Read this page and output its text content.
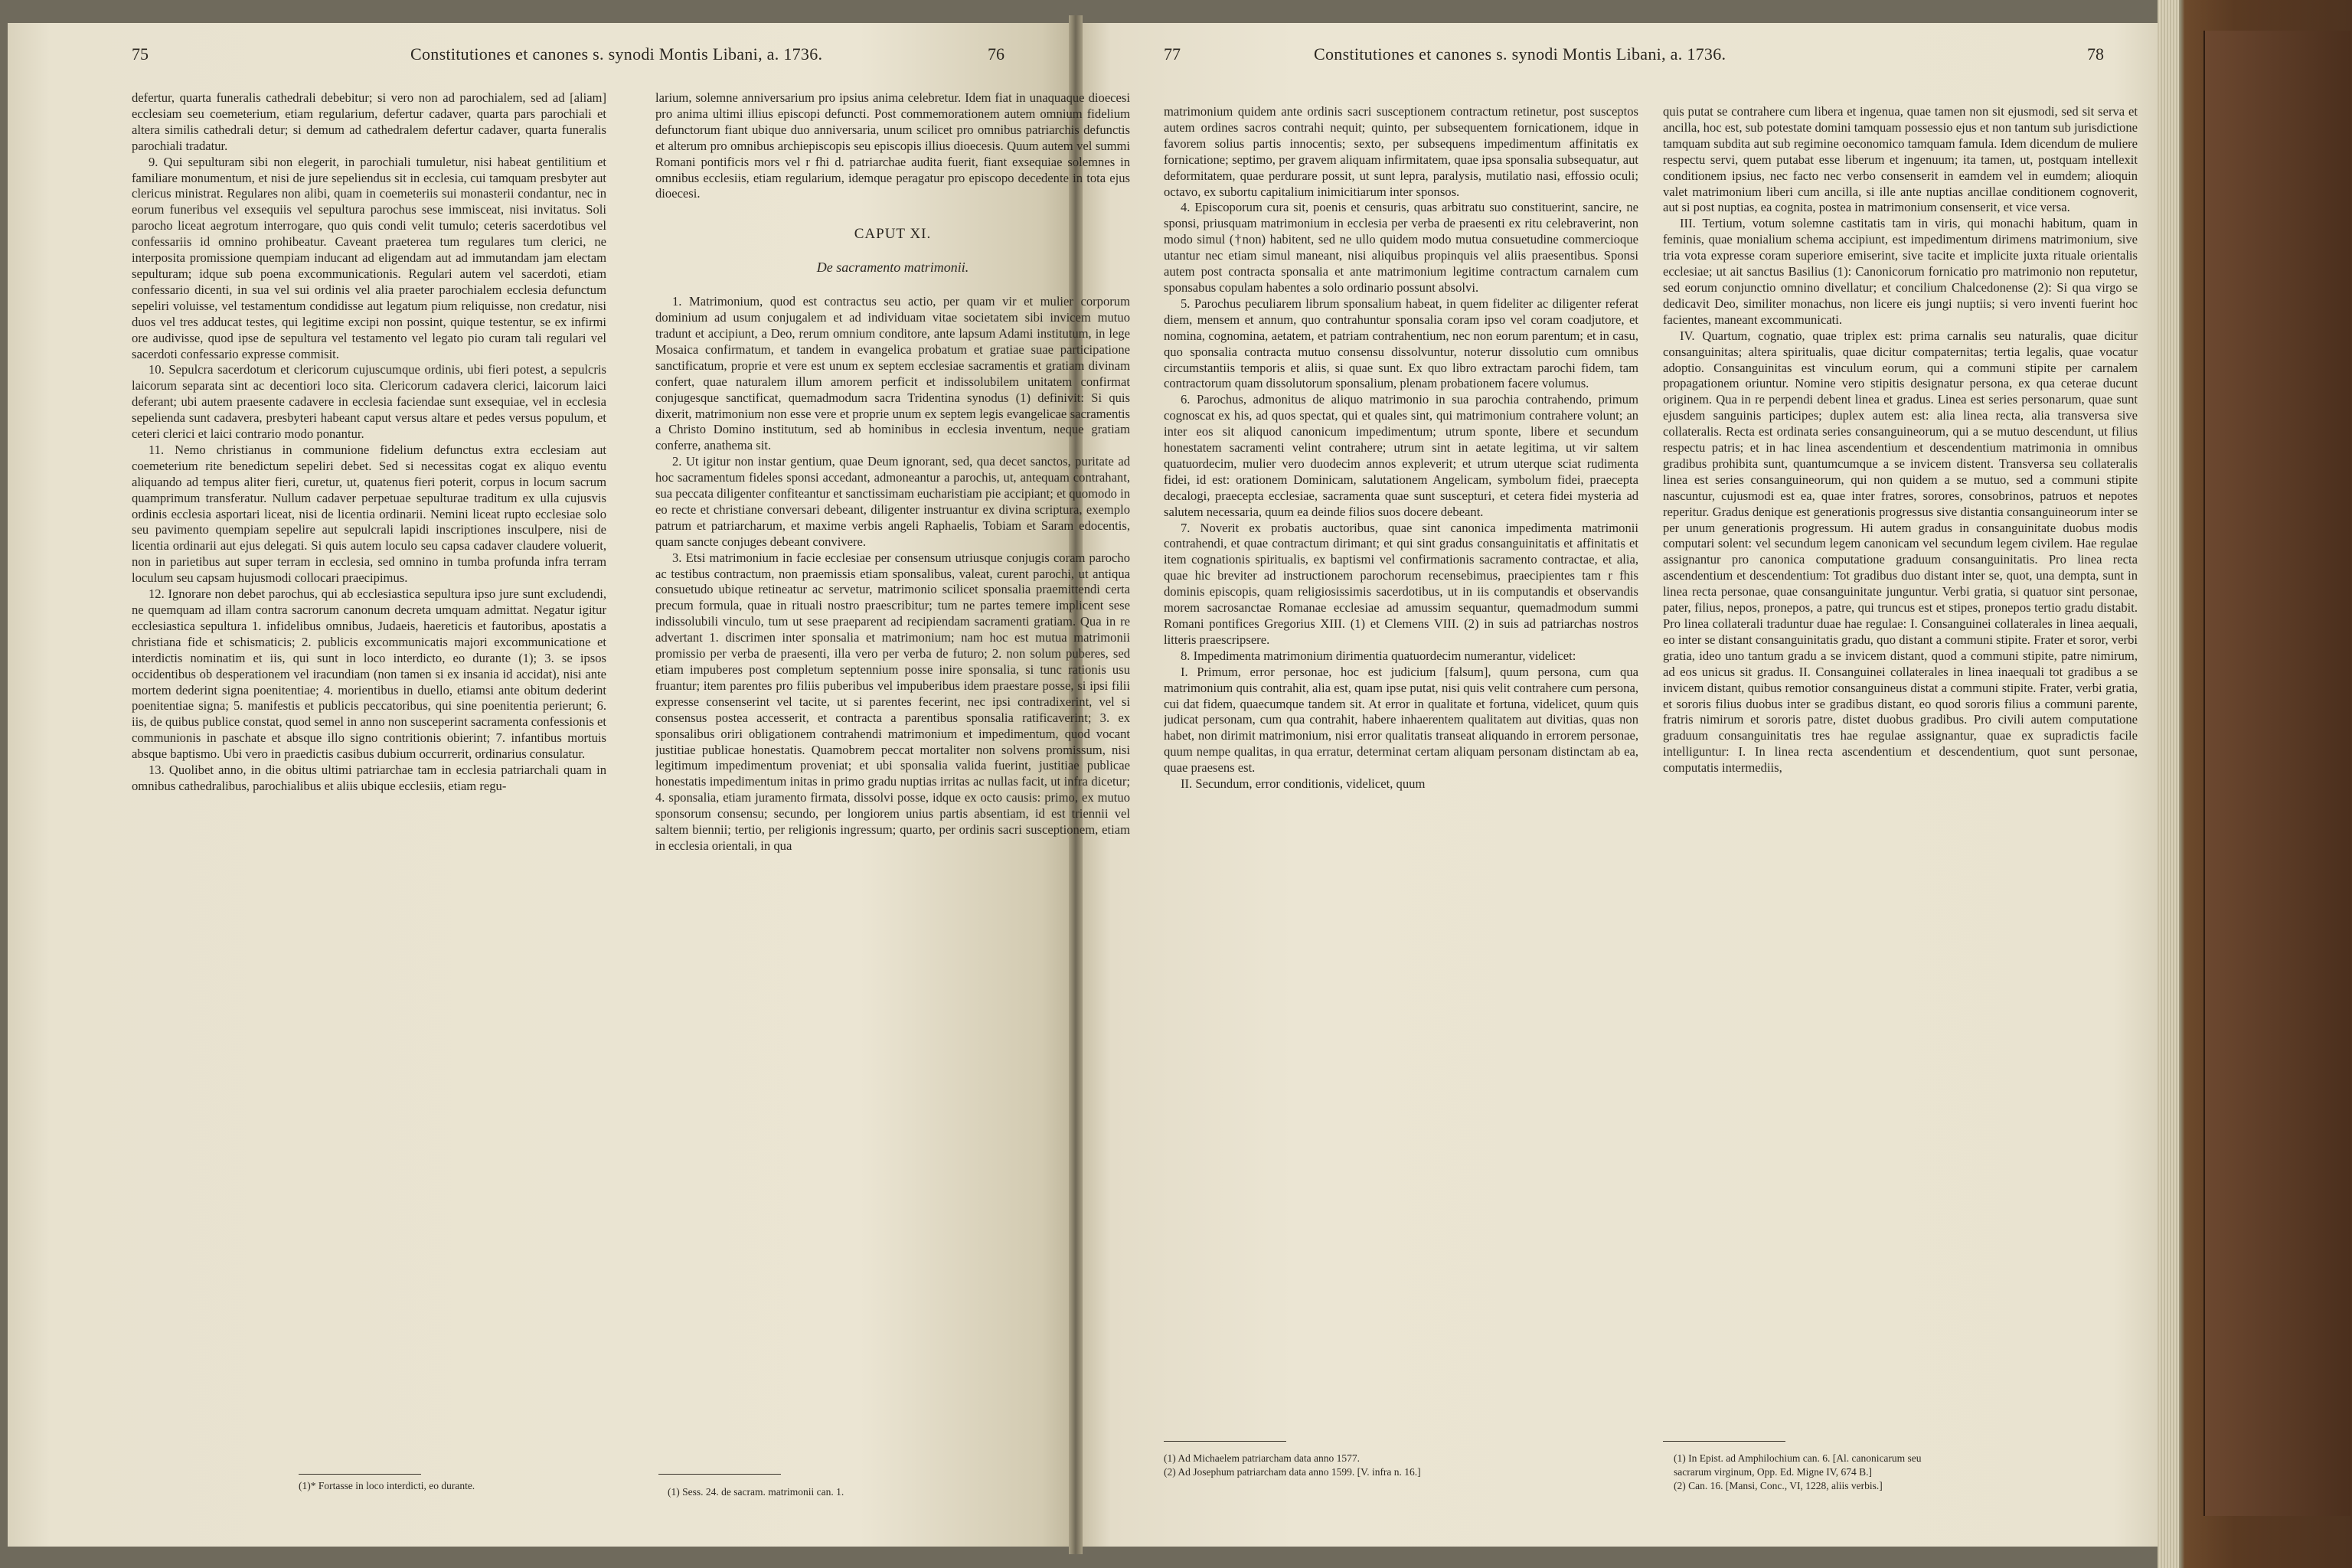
75	Constitutiones et canones s. synodi Montis Libani, a. 1736.	76

defertur, quarta funeralis cathedrali debebitur; si vero non ad parochialem, sed ad [aliam] ecclesiam seu coemeterium, etiam regularium, defertur cadaver, quarta pars parochiali et altera similis cathedrali detur; si demum ad cathedralem defertur cadaver, quarta funeralis parochiali tradatur.

9. Qui sepulturam sibi non elegerit, in parochiali tumuletur, nisi habeat gentilitium et familiare monumentum, et nisi de jure sepeliendus sit in ecclesia, cui tamquam presbyter aut clericus ministrat. Regulares non alibi, quam in coemeteriis sui monasterii condantur, nec in eorum funeribus vel exsequiis vel sepultura parochus sese immisceat, nisi invitatus. Soli parocho liceat aegrotum interrogare, quo quis condi velit tumulo; ceteris sacerdotibus vel confessariis id omnino prohibeatur. Caveant praeterea tum regulares tum clerici, ne interposita promissione quempiam inducant ad eligendam aut ad immutandam jam electam sepulturam; idque sub poena excommunicationis. Regulari autem vel sacerdoti, etiam confessario dicenti, in sua vel sui ordinis vel alia praeter parochialem ecclesia defunctum sepeliri voluisse, vel testamentum condidisse aut legatum pium reliquisse, non credatur, nisi duos vel tres adducat testes, qui legitime excipi non possint, quique testentur, se ex infirmi ore audivisse, quod ipse de sepultura vel testamento vel legato pio curam tali regulari vel sacerdoti confessario expresse commisit.

10. Sepulcra sacerdotum et clericorum cujuscumque ordinis, ubi fieri potest, a sepulcris laicorum separata sint ac decentiori loco sita. Clericorum cadavera clerici, laicorum laici deferant; ubi autem praesente cadavere in ecclesia faciendae sunt exsequiae, vel in ecclesia sepelienda sunt cadavera, presbyteri habeant caput versus altare et pedes versus populum, et ceteri clerici et laici contrario modo ponantur.

11. Nemo christianus in communione fidelium defunctus extra ecclesiam aut coemeterium rite benedictum sepeliri debet. Sed si necessitas cogat ex aliquo eventu aliquando ad tempus aliter fieri, curetur, ut, quatenus fieri poterit, corpus in locum sacrum quamprimum transferatur. Nullum cadaver perpetuae sepulturae traditum ex ulla cujusvis ordinis ecclesia asportari liceat, nisi de licentia ordinarii. Nemini liceat rupto ecclesiae solo seu pavimento quempiam sepelire aut sepulcrali lapidi inscriptiones insculpere, nisi de licentia ordinarii aut ejus delegati. Si quis autem loculo seu capsa cadaver claudere voluerit, non in parietibus aut super terram in ecclesia, sed omnino in tumba profunda infra terram loculum seu capsam hujusmodi collocari praecipimus.

12. Ignorare non debet parochus, qui ab ecclesiastica sepultura ipso jure sunt excludendi, ne quemquam ad illam contra sacrorum canonum decreta umquam admittat. Negatur igitur ecclesiastica sepultura 1. infidelibus omnibus, Judaeis, haereticis et fautoribus, apostatis a christiana fide et schismaticis; 2. publicis excommunicatis majori excommunicatione et interdictis nominatim et iis, qui sunt in loco interdicto, eo durante (1); 3. se ipsos occidentibus ob desperationem vel iracundiam (non tamen si ex insania id accidat), nisi ante mortem dederint signa poenitentiae; 4. morientibus in duello, etiamsi ante obitum dederint poenitentiae signa; 5. manifestis et publicis peccatoribus, qui sine poenitentia perierunt; 6. iis, de quibus publice constat, quod semel in anno non susceperint sacramenta confessionis et communionis in paschate et absque illo signo contritionis obierint; 7. infantibus mortuis absque baptismo. Ubi vero in praedictis casibus dubium occurrerit, ordinarius consulatur.

13. Quolibet anno, in die obitus ultimi patriarchae tam in ecclesia patriarchali quam in omnibus cathedralibus, parochialibus et aliis ubique ecclesiis, etiam regu-

larium, solemne anniversarium pro ipsius anima celebretur. Idem fiat in unaquaque dioecesi pro anima ultimi illius episcopi defuncti. Post commemorationem autem omnium fidelium defunctorum fiant ubique duo anniversaria, unum scilicet pro omnibus patriarchis defunctis et alterum pro omnibus archiepiscopis seu episcopis illius dioecesis. Quum autem vel summi Romani pontificis mors vel r fhi d. patriarchae audita fuerit, fiant exsequiae solemnes in omnibus ecclesiis, etiam regularium, idemque peragatur pro episcopo decedente in tota ejus dioecesi.

CAPUT XI.

De sacramento matrimonii.

1. Matrimonium, quod est contractus seu actio, per quam vir et mulier corporum dominium ad usum conjugalem et ad individuam vitae societatem sibi invicem mutuo tradunt et accipiunt, a Deo, rerum omnium conditore, ante lapsum Adami institutum, in lege Mosaica confirmatum, et tandem in evangelica probatum et gratiae suae participatione sanctificatum, proprie et vere est unum ex septem ecclesiae sacramentis et gratiam divinam confert, quae naturalem illum amorem perficit et indissolubilem unitatem confirmat conjugesque sanctificat, quemadmodum sacra Tridentina synodus (1) definivit: Si quis dixerit, matrimonium non esse vere et proprie unum ex septem legis evangelicae sacramentis a Christo Domino institutum, sed ab hominibus in ecclesia inventum, neque gratiam conferre, anathema sit.

2. Ut igitur non instar gentium, quae Deum ignorant, sed, qua decet sanctos, puritate ad hoc sacramentum fideles sponsi accedant, admoneantur a parochis, ut, antequam contrahant, sua peccata diligenter confiteantur et sanctissimam eucharistiam pie accipiant; et quomodo in eo recte et christiane conversari debeant, diligenter instruantur ex divina scriptura, exemplo patrum et patriarcharum, et maxime verbis angeli Raphaelis, Tobiam et Saram edocentis, quam sancte conjuges debeant convivere.

3. Etsi matrimonium in facie ecclesiae per consensum utriusque conjugis coram parocho ac testibus contractum, non praemissis etiam sponsalibus, valeat, curent parochi, ut antiqua consuetudo ubique retineatur ac servetur, matrimonio scilicet sponsalia praemittendi certa precum formula, quae in rituali nostro praescribitur; tum ne partes temere implicent sese indissolubili vinculo, tum ut sese praeparent ad recipiendam sacramenti gratiam. Qua in re advertant 1. discrimen inter sponsalia et matrimonium; nam hoc est mutua matrimonii promissio per verba de praesenti, illa vero per verba de futuro; 2. non solum puberes, sed etiam impuberes post completum septennium posse inire sponsalia, si tunc rationis usu fruantur; item parentes pro filiis puberibus vel impuberibus idem praestare posse, si ipsi filii expresse consenserint vel tacite, ut si parentes fecerint, nec ipsi contradixerint, vel si consensus postea accesserit, et contracta a parentibus sponsalia ratificaverint; 3. ex sponsalibus oriri obligationem contrahendi matrimonium et impedimentum, quod vocant justitiae publicae honestatis. Quamobrem peccat mortaliter non solvens promissum, nisi legitimum impedimentum proveniat; et ubi sponsalia valida fuerint, justitiae publicae honestatis impedimentum initas in primo gradu nuptias irritas ac nullas facit, ut infra dicetur; 4. sponsalia, etiam juramento firmata, dissolvi posse, idque ex octo causis: primo, ex mutuo sponsorum consensu; secundo, per longiorem unius partis absentiam, id est triennii vel saltem biennii; tertio, per religionis ingressum; quarto, per ordinis sacri susceptionem, etiam in ecclesia orientali, in qua

(1)* Fortasse in loco interdicti, eo durante.
(1) Sess. 24. de sacram. matrimonii can. 1.
77	Constitutiones et canones s. synodi Montis Libani, a. 1736.	78

matrimonium quidem ante ordinis sacri susceptionem contractum retinetur, post susceptos autem ordines sacros contrahi nequit; quinto, per subsequentem fornicationem, idque in favorem solius partis innocentis; sexto, per subsequens impedimentum affinitatis ex fornicatione; septimo, per gravem aliquam infirmitatem, quae ipsa sponsalia subsequatur, aut deformitatem, quae perdurare possit, ut sunt lepra, paralysis, mutilatio nasi, effossio oculi; octavo, ex subortu capitalium inimicitiarum inter sponsos.

4. Episcoporum cura sit, poenis et censuris, quas arbitratu suo constituerint, sancire, ne sponsi, priusquam matrimonium in ecclesia per verba de praesenti ex ritu celebraverint, non modo simul (†non) habitent, sed ne ullo quidem modo mutua consuetudine commercioque utantur nec etiam simul maneant, nisi aliquibus propinquis vel aliis praesentibus. Sponsi autem post contracta sponsalia et ante matrimonium legitime contractum carnalem cum sponsabus copulam habentes a solo ordinario possunt absolvi.

5. Parochus peculiarem librum sponsalium habeat, in quem fideliter ac diligenter referat diem, mensem et annum, quo contrahuntur sponsalia coram ipso vel coram coadjutore, et nomina, cognomina, aetatem, et patriam contrahentium, nec non eorum parentum; et in casu, quo sponsalia contracta mutuo consensu dissolvuntur, noteтur dissolutio cum omnibus circumstantiis temporis et aliis, si quae sunt. Ex quo libro extractam parochi fidem, tam contractorum quam dissolutorum sponsalium, plenam probationem facere volumus.

6. Parochus, admonitus de aliquo matrimonio in sua parochia contrahendo, primum cognoscat ex his, ad quos spectat, qui et quales sint, qui matrimonium contrahere volunt; an inter eos sit aliquod canonicum impedimentum; utrum sponte, libere et secundum honestatem sacramenti velint contrahere; utrum sint in aetate legitima, ut vir saltem quatuordecim, mulier vero duodecim annos expleverit; et utrum uterque sciat rudimenta fidei, id est: orationem Dominicam, salutationem Angelicam, symbolum fidei, praecepta decalogi, praecepta ecclesiae, sacramenta quae sunt suscepturi, et cetera fidei mysteria ad salutem necessaria, quum ea deinde filios suos docere debeant.

7. Noverit ex probatis auctoribus, quae sint canonica impedimenta matrimonii contrahendi, et quae contractum dirimant; et qui sint gradus consanguinitatis et affinitatis et item cognationis spiritualis, ex baptismi vel confirmationis sacramento contractae, et alia, quae hic breviter ad instructionem parochorum recensebimus, praecipientes tam r fhis dominis episcopis, quam religiosissimis sacerdotibus, ut in iis computandis et observandis morem sacrosanctae Romanae ecclesiae ad amussim sequantur, quemadmodum summi Romani pontifices Gregorius XIII. (1) et Clemens VIII. (2) in suis ad patriarchas nostros litteris praescripsere.

8. Impedimenta matrimonium dirimentia quatuordecim numerantur, videlicet:

I. Primum, error personae, hoc est judicium [falsum], quum persona, cum qua matrimonium quis contrahit, alia est, quam ipse putat, nisi quis velit contrahere cum persona, cui dat fidem, quaecumque tandem sit. At error in qualitate et fortuna, videlicet, quum quis judicat personam, cum qua contrahit, habere inhaerentem qualitatem aut divitias, quas non habet, non dirimit matrimonium, nisi error qualitatis transeat aliquando in errorem personae, quum nempe qualitas, in qua erratur, determinat certam aliquam personam distinctam ab ea, quae praesens est.

II. Secundum, error conditionis, videlicet, quum

quis putat se contrahere cum libera et ingenua, quae tamen non sit ejusmodi, sed sit serva et ancilla, hoc est, sub potestate domini tamquam possessio ejus et non tantum sub jurisdictione tamquam subdita aut sub regimine oeconomico tamquam famula. Idem dicendum de muliere respectu servi, quem putabat esse liberum et ingenuum; ita tamen, ut, postquam intellexit conditionem ipsius, nec facto nec verbo consenserit in eamdem vel in eumdem; alioquin valet matrimonium liberi cum ancilla, si ille ante nuptias ancillae conditionem cognoverit, aut si post nuptias, ea cognita, postea in matrimonium consenserit, et vice versa.

III. Tertium, votum solemne castitatis tam in viris, qui monachi habitum, quam in feminis, quae monialium schema accipiunt, est impedimentum dirimens matrimonium, sive tria vota expresse coram superiore emiserint, sive tacite et implicite juxta rituale orientalis ecclesiae; ut ait sanctus Basilius (1): Canonicorum fornicatio pro matrimonio non reputetur, sed eorum conjunctio omnino divellatur; et concilium Chalcedonense (2): Si qua virgo se dedicavit Deo, similiter monachus, non licere eis jungi nuptiis; si vero inventi fuerint hoc facientes, maneant excommunicati.

IV. Quartum, cognatio, quae triplex est: prima carnalis seu naturalis, quae dicitur consanguinitas; altera spiritualis, quae dicitur compaternitas; tertia legalis, quae vocatur adoptio. Consanguinitas est vinculum eorum, qui a communi stipite per carnalem propagationem oriuntur. Nomine vero stipitis designatur persona, ex qua ceterae ducunt originem. Qua in re perpendi debent linea et gradus. Linea est series personarum, quae sunt ejusdem sanguinis participes; duplex autem est: alia linea recta, alia transversa sive collateralis. Recta est ordinata series consanguineorum, qui a se mutuo descendunt, ut filius respectu patris; et in hac linea ascendentium et descendentium matrimonia in omnibus gradibus prohibita sunt, quantumcumque a se invicem distent. Transversa seu collateralis linea est series consanguineorum, qui non quidem a se mutuo, sed a communi stipite nascuntur, cujusmodi est ea, quae inter fratres, sorores, consobrinos, patruos et nepotes reperitur. Gradus denique est generationis progressus sive distantia consanguineorum inter se per unum generationis progressum. Hi autem gradus in consanguinitate duobus modis computari solent: vel secundum legem canonicam vel secundum legem civilem. Hae regulae assignantur pro canonica computatione graduum consanguinitatis. Pro linea recta ascendentium et descendentium: Tot gradibus duo distant inter se, quot, una dempta, sunt in linea recta personae, quae consanguinitate junguntur. Verbi gratia, si quatuor sint personae, pater, filius, nepos, pronepos, a patre, qui truncus est et stipes, pronepos tertio gradu distabit. Pro linea collaterali traduntur duae hae regulae: I. Consanguinei collaterales in linea aequali, eo inter se distant consanguinitatis gradu, quo distant a communi stipite. Frater et soror, verbi gratia, ideo uno tantum gradu a se invicem distant, quod a communi stipite, patre nimirum, ad eos unicus sit gradus. II. Consanguinei collaterales in linea inaequali tot gradibus a se invicem distant, quibus remotior consanguineus distat a communi stipite. Frater, verbi gratia, et sororis filius duobus inter se gradibus distant, eo quod sororis filius a communi parente, fratris nimirum et sororis patre, distet duobus gradibus. Pro civili autem computatione graduum consanguinitatis tres hae regulae assignantur, quae ex supradictis facile intelliguntur: I. In linea recta ascendentium et descendentium, quot sunt personae, computatis intermediis,

(1) Ad Michaelem patriarcham data anno 1577.
(2) Ad Josephum patriarcham data anno 1599. [V. infra n. 16.]
(1) In Epist. ad Amphilochium can. 6. [Al. canonicarum seu
sacrarum virginum, Opp. Ed. Migne IV, 674 B.]
(2) Can. 16. [Mansi, Conc., VI, 1228, aliis verbis.]
